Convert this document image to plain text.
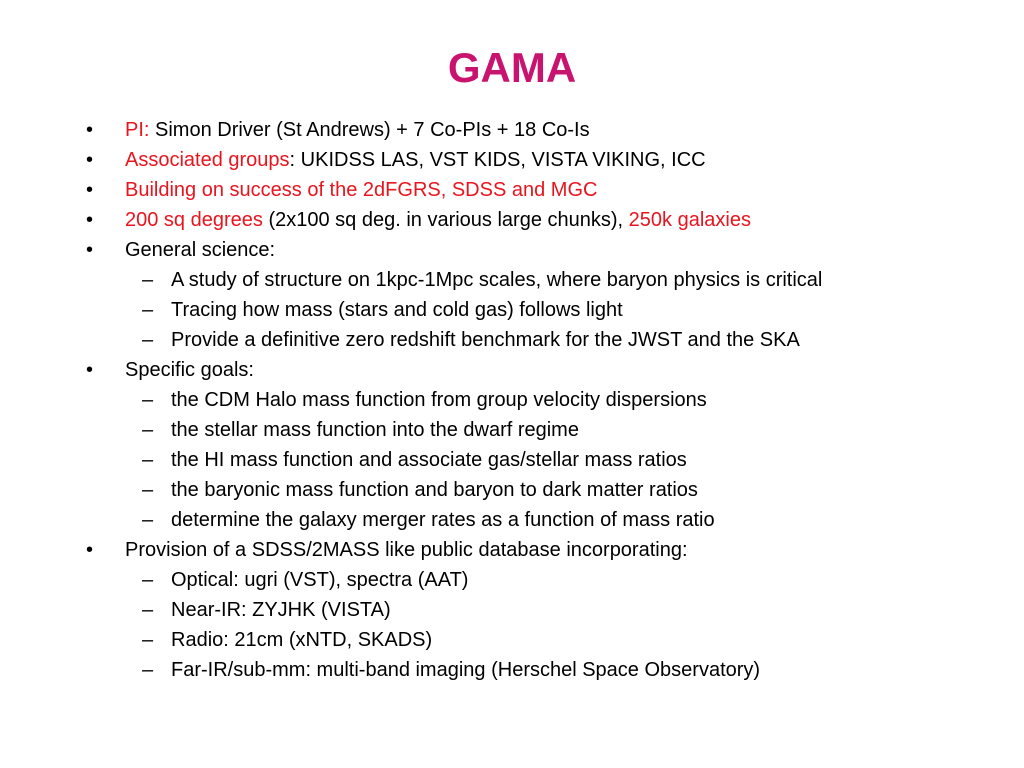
GAMA
• PI: Simon Driver (St Andrews) + 7 Co-PIs + 18 Co-Is
• Associated groups: UKIDSS LAS, VST KIDS, VISTA VIKING, ICC
• Building on success of the 2dFGRS, SDSS and MGC
• 200 sq degrees (2x100 sq deg. in various large chunks), 250k galaxies
• General science:
– A study of structure on 1kpc-1Mpc scales, where baryon physics is critical
– Tracing how mass (stars and cold gas) follows light
– Provide a definitive zero redshift benchmark for the JWST and the SKA
• Specific goals:
– the CDM Halo mass function from group velocity dispersions
– the stellar mass function into the dwarf regime
– the HI mass function and associate gas/stellar mass ratios
– the baryonic mass function and baryon to dark matter ratios
– determine the galaxy merger rates as a function of mass ratio
• Provision of a SDSS/2MASS like public database incorporating:
– Optical: ugri (VST), spectra (AAT)
– Near-IR: ZYJHK (VISTA)
– Radio: 21cm (xNTD, SKADS)
– Far-IR/sub-mm: multi-band imaging (Herschel Space Observatory)
